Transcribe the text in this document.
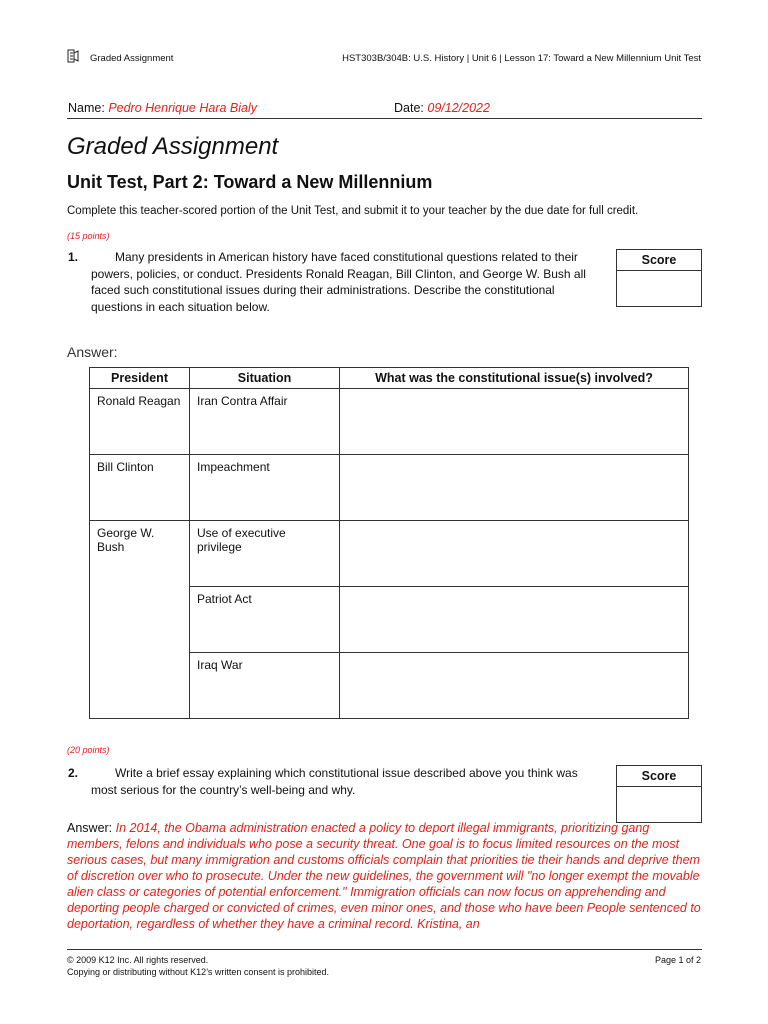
Graded Assignment	HST303B/304B: U.S. History | Unit 6 | Lesson 17: Toward a New Millennium Unit Test
Name: Pedro Henrique Hara Bialy	Date: 09/12/2022
Graded Assignment
Unit Test, Part 2: Toward a New Millennium
Complete this teacher-scored portion of the Unit Test, and submit it to your teacher by the due date for full credit.
(15 points)
1.	Many presidents in American history have faced constitutional questions related to their powers, policies, or conduct. Presidents Ronald Reagan, Bill Clinton, and George W. Bush all faced such constitutional issues during their administrations. Describe the constitutional questions in each situation below.
Score
Answer:
President	Situation	What was the constitutional issue(s) involved?
Ronald Reagan	Iran Contra Affair	
Bill Clinton	Impeachment	
George W. Bush	Use of executive privilege	
	Patriot Act	
	Iraq War	
(20 points)
2.	Write a brief essay explaining which constitutional issue described above you think was most serious for the country’s well-being and why.
Score
Answer: In 2014, the Obama administration enacted a policy to deport illegal immigrants, prioritizing gang members, felons and individuals who pose a security threat. One goal is to focus limited resources on the most serious cases, but many immigration and customs officials complain that priorities tie their hands and deprive them of discretion over who to prosecute. Under the new guidelines, the government will "no longer exempt the movable alien class or categories of potential enforcement." Immigration officials can now focus on apprehending and deporting people charged or convicted of crimes, even minor ones, and those who have been People sentenced to deportation, regardless of whether they have a criminal record. Kristina, an
© 2009 K12 Inc. All rights reserved.
Copying or distributing without K12’s written consent is prohibited.
Page 1 of 2
